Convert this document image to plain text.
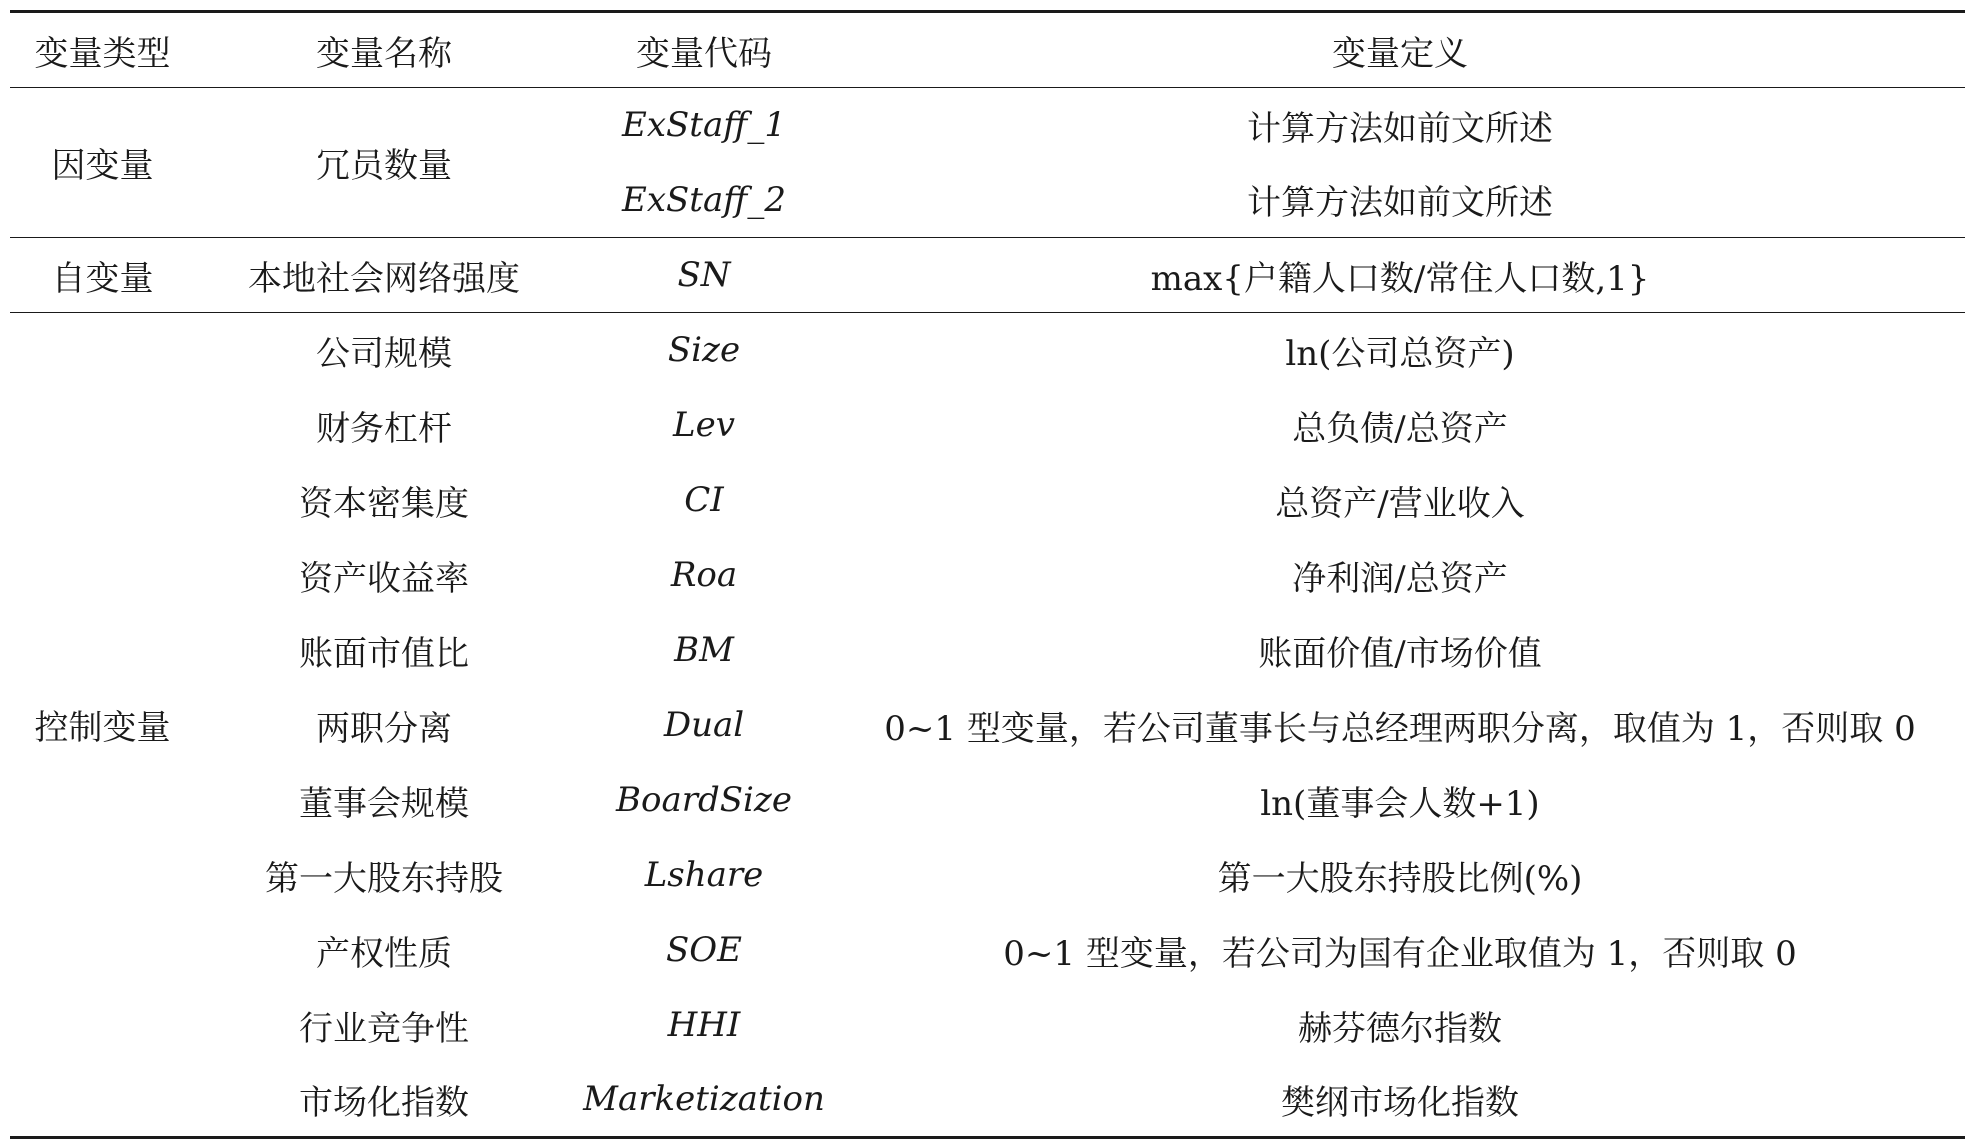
变量类型	变量名称	变量代码	变量定义
因变量	冗员数量	ExStaff_1	计算方法如前文所述
		ExStaff_2	计算方法如前文所述
自变量	本地社会网络强度	SN	max{户籍人口数/常住人口数,1}
控制变量	公司规模	Size	ln(公司总资产)
	财务杠杆	Lev	总负债/总资产
	资本密集度	CI	总资产/营业收入
	资产收益率	Roa	净利润/总资产
	账面市值比	BM	账面价值/市场价值
	两职分离	Dual	0~1 型变量，若公司董事长与总经理两职分离，取值为 1，否则取 0
	董事会规模	BoardSize	ln(董事会人数+1)
	第一大股东持股	Lshare	第一大股东持股比例(%)
	产权性质	SOE	0~1 型变量，若公司为国有企业取值为 1，否则取 0
	行业竞争性	HHI	赫芬德尔指数
	市场化指数	Marketization	樊纲市场化指数
